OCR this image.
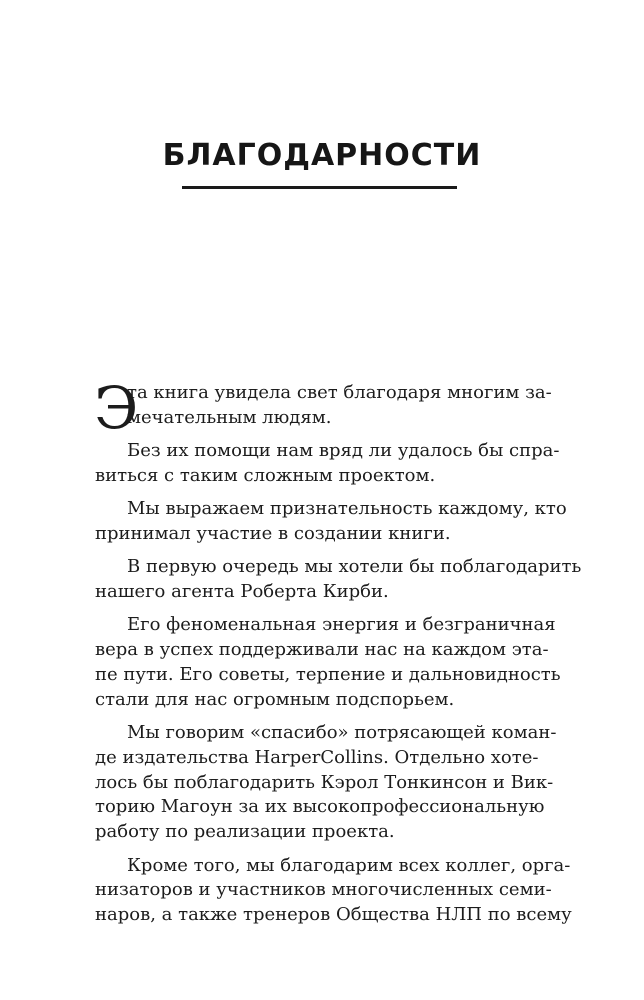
БЛАГОДАРНОСТИ
Э
та книга увидела свет благодаря многим за-
мечательным людям.
Без их помощи нам вряд ли удалось бы спра-
виться с таким сложным проектом.
Мы выражаем признательность каждому, кто
принимал участие в создании книги.
В первую очередь мы хотели бы поблагодарить
нашего агента Роберта Кирби.
Его феноменальная энергия и безграничная
вера в успех поддерживали нас на каждом эта-
пе пути. Его советы, терпение и дальновидность
стали для нас огромным подспорьем.
Мы говорим «спасибо» потрясающей коман-
де издательства HarperCollins. Отдельно хоте-
лось бы поблагодарить Кэрол Тонкинсон и Вик-
торию Магоун за их высокопрофессиональную
работу по реализации проекта.
Кроме того, мы благодарим всех коллег, орга-
низаторов и участников многочисленных семи-
наров, а также тренеров Общества НЛП по всему
